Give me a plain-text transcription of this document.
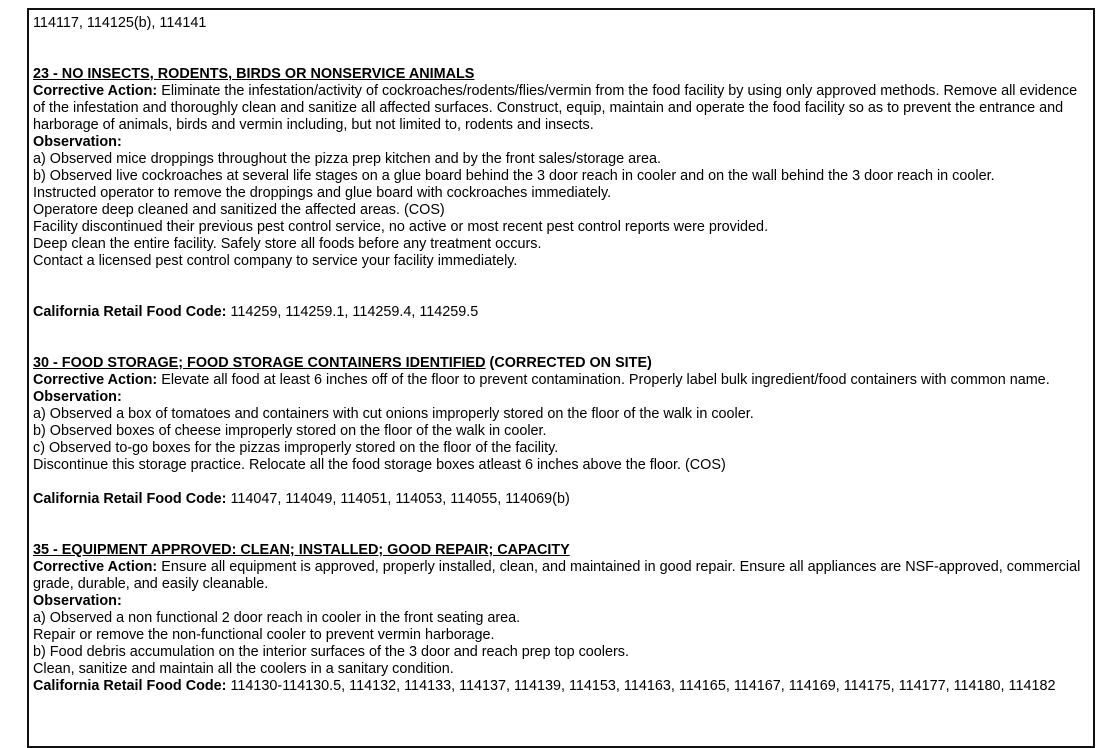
114117, 114125(b), 114141
23 - NO INSECTS, RODENTS, BIRDS OR NONSERVICE ANIMALS
Corrective Action: Eliminate the infestation/activity of cockroaches/rodents/flies/vermin from the food facility by using only approved methods. Remove all evidence of the infestation and thoroughly clean and sanitize all affected surfaces. Construct, equip, maintain and operate the food facility so as to prevent the entrance and harborage of animals, birds and vermin including, but not limited to, rodents and insects.
Observation:
a) Observed mice droppings throughout the pizza prep kitchen and by the front sales/storage area.
b) Observed live cockroaches at several life stages on a glue board behind the 3 door reach in cooler and on the wall behind the 3 door reach in cooler.
Instructed operator to remove the droppings and glue board with cockroaches immediately.
Operatore deep cleaned and sanitized the affected areas. (COS)
Facility discontinued their previous pest control service, no active or most recent pest control reports were provided.
Deep clean the entire facility. Safely store all foods before any treatment occurs.
Contact a licensed pest control company to service your facility immediately.
California Retail Food Code: 114259, 114259.1, 114259.4, 114259.5
30 - FOOD STORAGE; FOOD STORAGE CONTAINERS IDENTIFIED (CORRECTED ON SITE)
Corrective Action: Elevate all food at least 6 inches off of the floor to prevent contamination. Properly label bulk ingredient/food containers with common name.
Observation:
a) Observed a box of tomatoes and containers with cut onions improperly stored on the floor of the walk in cooler.
b) Observed boxes of cheese improperly stored on the floor of the walk in cooler.
c) Observed to-go boxes for the pizzas improperly stored on the floor of the facility.
Discontinue this storage practice. Relocate all the food storage boxes atleast 6 inches above the floor. (COS)
California Retail Food Code: 114047, 114049, 114051, 114053, 114055, 114069(b)
35 - EQUIPMENT APPROVED: CLEAN; INSTALLED; GOOD REPAIR; CAPACITY
Corrective Action: Ensure all equipment is approved, properly installed, clean, and maintained in good repair. Ensure all appliances are NSF-approved, commercial grade, durable, and easily cleanable.
Observation:
a) Observed a non functional 2 door reach in cooler in the front seating area.
Repair or remove the non-functional cooler to prevent vermin harborage.
b) Food debris accumulation on the interior surfaces of the 3 door and reach prep top coolers.
Clean, sanitize and maintain all the coolers in a sanitary condition.
California Retail Food Code: 114130-114130.5, 114132, 114133, 114137, 114139, 114153, 114163, 114165, 114167, 114169, 114175, 114177, 114180, 114182
